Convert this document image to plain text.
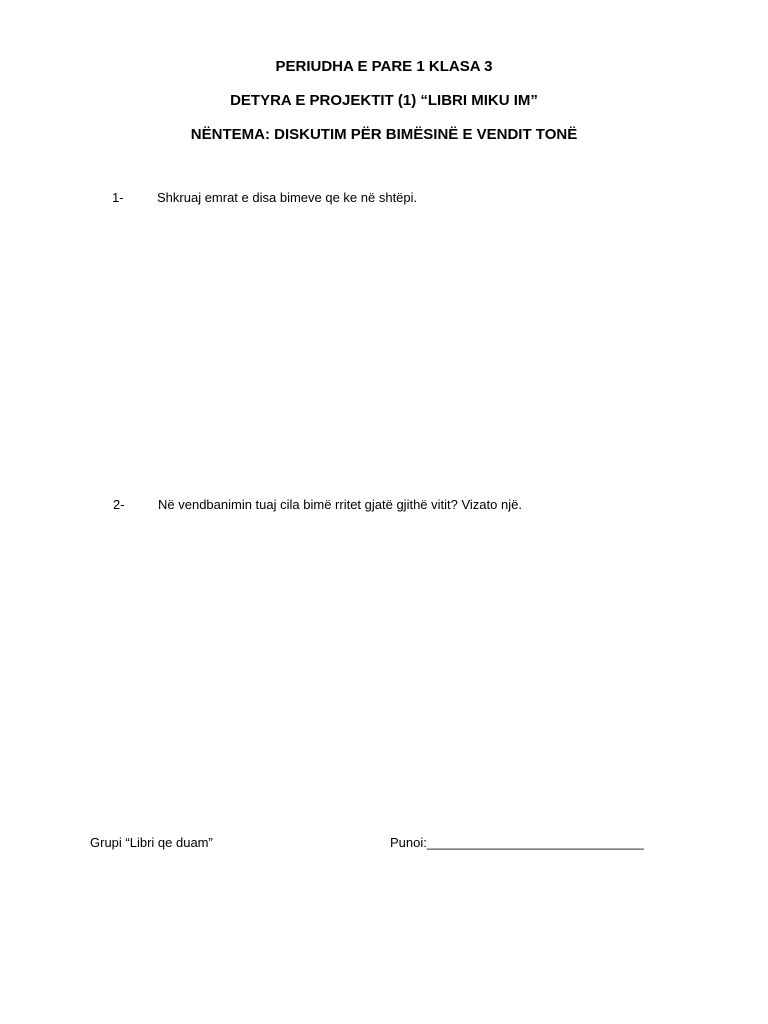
PERIUDHA E PARE 1 KLASA 3
DETYRA E PROJEKTIT (1) “LIBRI MIKU IM”
NËNTEMA: DISKUTIM PËR BIMËSINË E VENDIT TONË
1-	Shkruaj emrat e disa bimeve qe ke në shtëpi.
2-	Në vendbanimin tuaj cila bimë rritet gjatë gjithë vitit? Vizato një.
Grupi “Libri qe duam”	Punoi:______________________________
